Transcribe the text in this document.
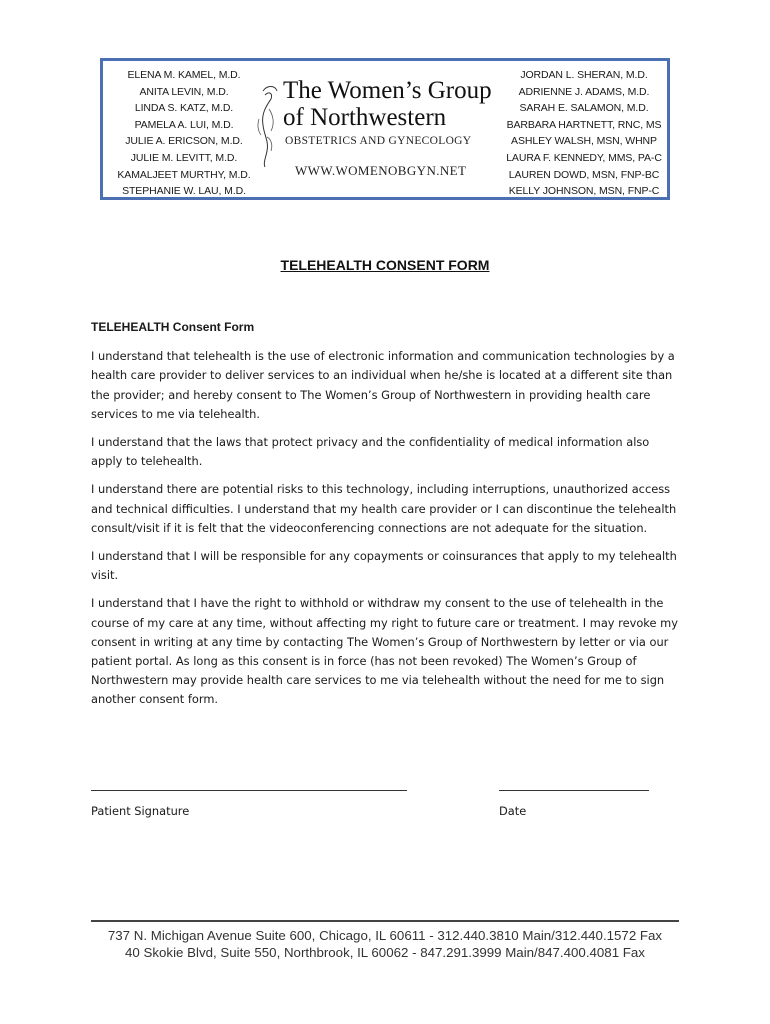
ELENA M. KAMEL, M.D.
ANITA LEVIN, M.D.
LINDA S. KATZ, M.D.
PAMELA A. LUI, M.D.
JULIE A. ERICSON, M.D.
JULIE M. LEVITT, M.D.
KAMALJEET MURTHY, M.D.
STEPHANIE W. LAU, M.D.
The Women’s Group
of Northwestern
OBSTETRICS AND GYNECOLOGY
WWW.WOMENOBGYN.NET
JORDAN L. SHERAN, M.D.
ADRIENNE J. ADAMS, M.D.
SARAH E. SALAMON, M.D.
BARBARA HARTNETT, RNC, MS
ASHLEY WALSH, MSN, WHNP
LAURA F. KENNEDY, MMS, PA-C
LAUREN DOWD, MSN, FNP-BC
KELLY JOHNSON, MSN, FNP-C
TELEHEALTH CONSENT FORM

TELEHEALTH Consent Form

I understand that telehealth is the use of electronic information and communication technologies by a health care provider to deliver services to an individual when he/she is located at a different site than the provider; and hereby consent to The Women’s Group of Northwestern in providing health care services to me via telehealth.

I understand that the laws that protect privacy and the confidentiality of medical information also apply to telehealth.

I understand there are potential risks to this technology, including interruptions, unauthorized access and technical difficulties. I understand that my health care provider or I can discontinue the telehealth consult/visit if it is felt that the videoconferencing connections are not adequate for the situation.

I understand that I will be responsible for any copayments or coinsurances that apply to my telehealth visit.

I understand that I have the right to withhold or withdraw my consent to the use of telehealth in the course of my care at any time, without affecting my right to future care or treatment. I may revoke my consent in writing at any time by contacting The Women’s Group of Northwestern by letter or via our patient portal. As long as this consent is in force (has not been revoked) The Women’s Group of Northwestern may provide health care services to me via telehealth without the need for me to sign another consent form.

Patient Signature	Date
737 N. Michigan Avenue Suite 600, Chicago, IL 60611 - 312.440.3810 Main/312.440.1572 Fax
40 Skokie Blvd, Suite 550, Northbrook, IL 60062 - 847.291.3999 Main/847.400.4081 Fax
